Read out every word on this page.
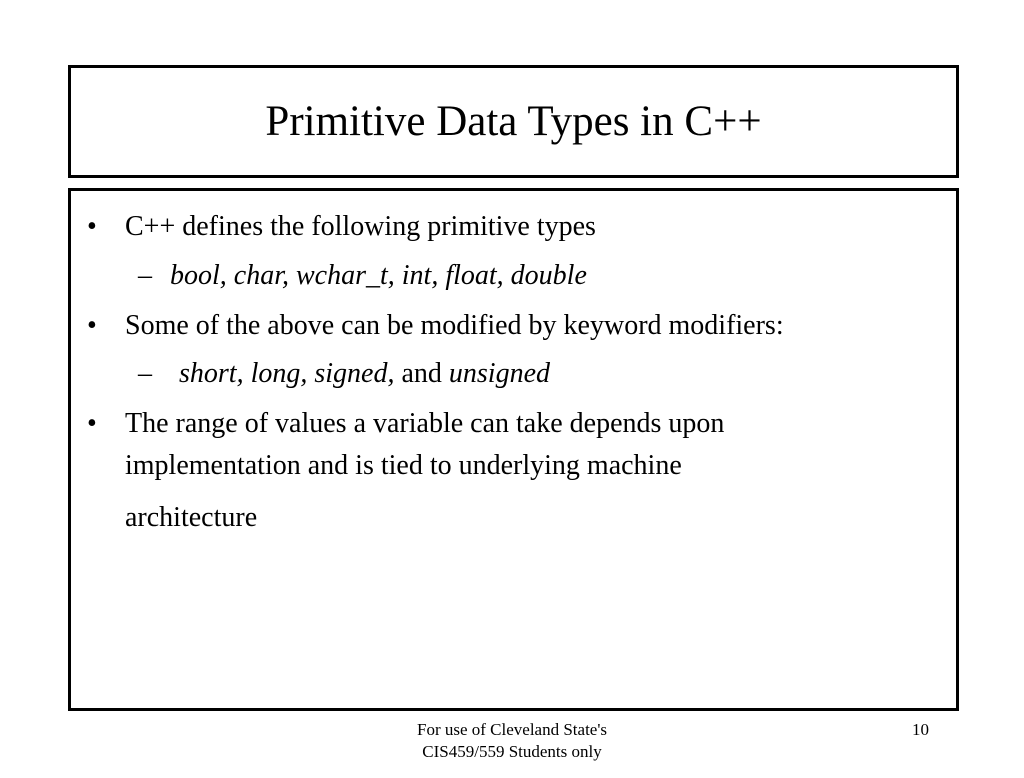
Primitive Data Types in C++
• C++ defines the following primitive types
– bool, char, wchar_t, int, float, double
• Some of the above can be modified by keyword modifiers:
– short, long, signed, and unsigned
• The range of values a variable can take depends upon
implementation and is tied to underlying machine
architecture
For use of Cleveland State's
CIS459/559 Students only
10
